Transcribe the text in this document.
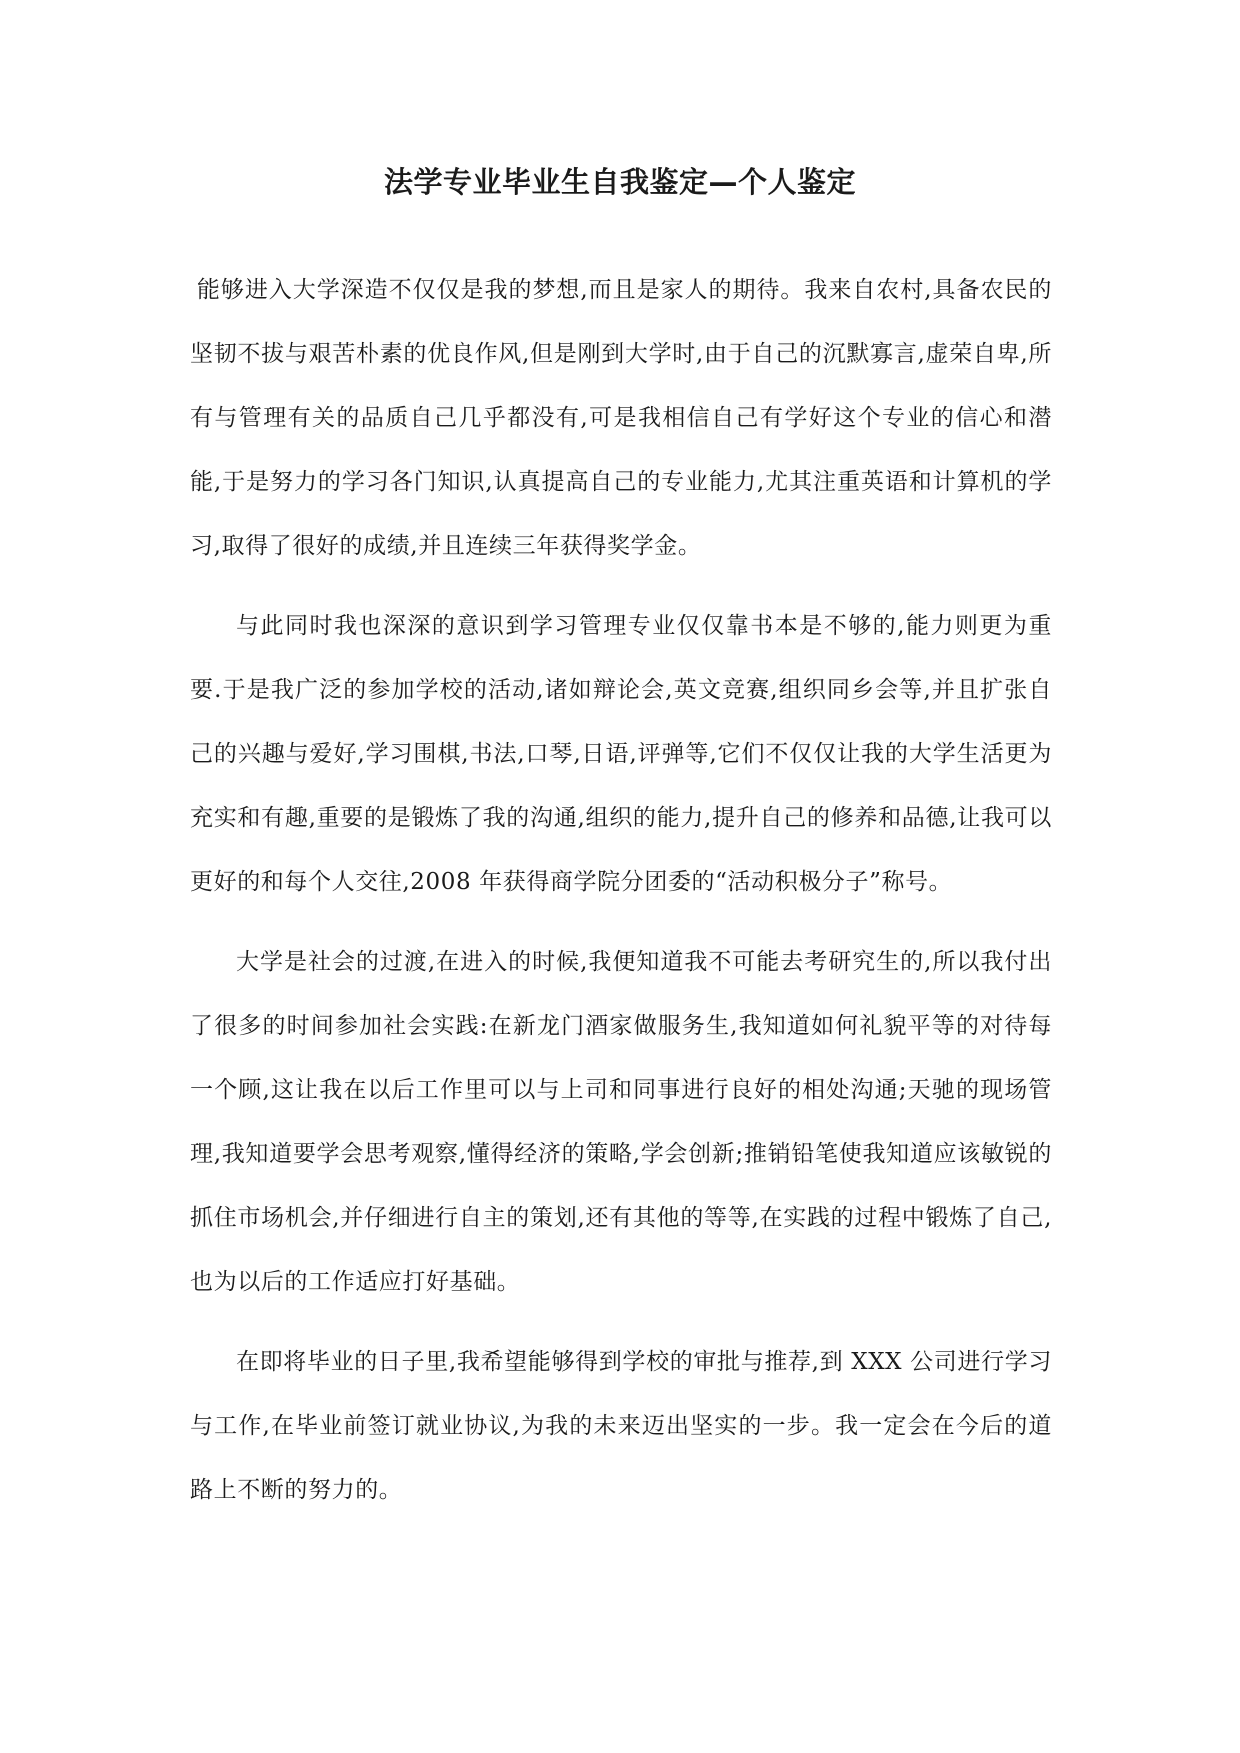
法学专业毕业生自我鉴定—个人鉴定

能够进入大学深造不仅仅是我的梦想,而且是家人的期待。我来自农村,具备农民的坚韧不拔与艰苦朴素的优良作风,但是刚到大学时,由于自己的沉默寡言,虚荣自卑,所有与管理有关的品质自己几乎都没有,可是我相信自己有学好这个专业的信心和潜能,于是努力的学习各门知识,认真提高自己的专业能力,尤其注重英语和计算机的学习,取得了很好的成绩,并且连续三年获得奖学金。

与此同时我也深深的意识到学习管理专业仅仅靠书本是不够的,能力则更为重要.于是我广泛的参加学校的活动,诸如辩论会,英文竞赛,组织同乡会等,并且扩张自己的兴趣与爱好,学习围棋,书法,口琴,日语,评弹等,它们不仅仅让我的大学生活更为充实和有趣,重要的是锻炼了我的沟通,组织的能力,提升自己的修养和品德,让我可以更好的和每个人交往,2008 年获得商学院分团委的“活动积极分子”称号。

大学是社会的过渡,在进入的时候,我便知道我不可能去考研究生的,所以我付出了很多的时间参加社会实践:在新龙门酒家做服务生,我知道如何礼貌平等的对待每一个顾,这让我在以后工作里可以与上司和同事进行良好的相处沟通;天驰的现场管理,我知道要学会思考观察,懂得经济的策略,学会创新;推销铅笔使我知道应该敏锐的抓住市场机会,并仔细进行自主的策划,还有其他的等等,在实践的过程中锻炼了自己,也为以后的工作适应打好基础。

在即将毕业的日子里,我希望能够得到学校的审批与推荐,到 XXX 公司进行学习与工作,在毕业前签订就业协议,为我的未来迈出坚实的一步。我一定会在今后的道路上不断的努力的。
